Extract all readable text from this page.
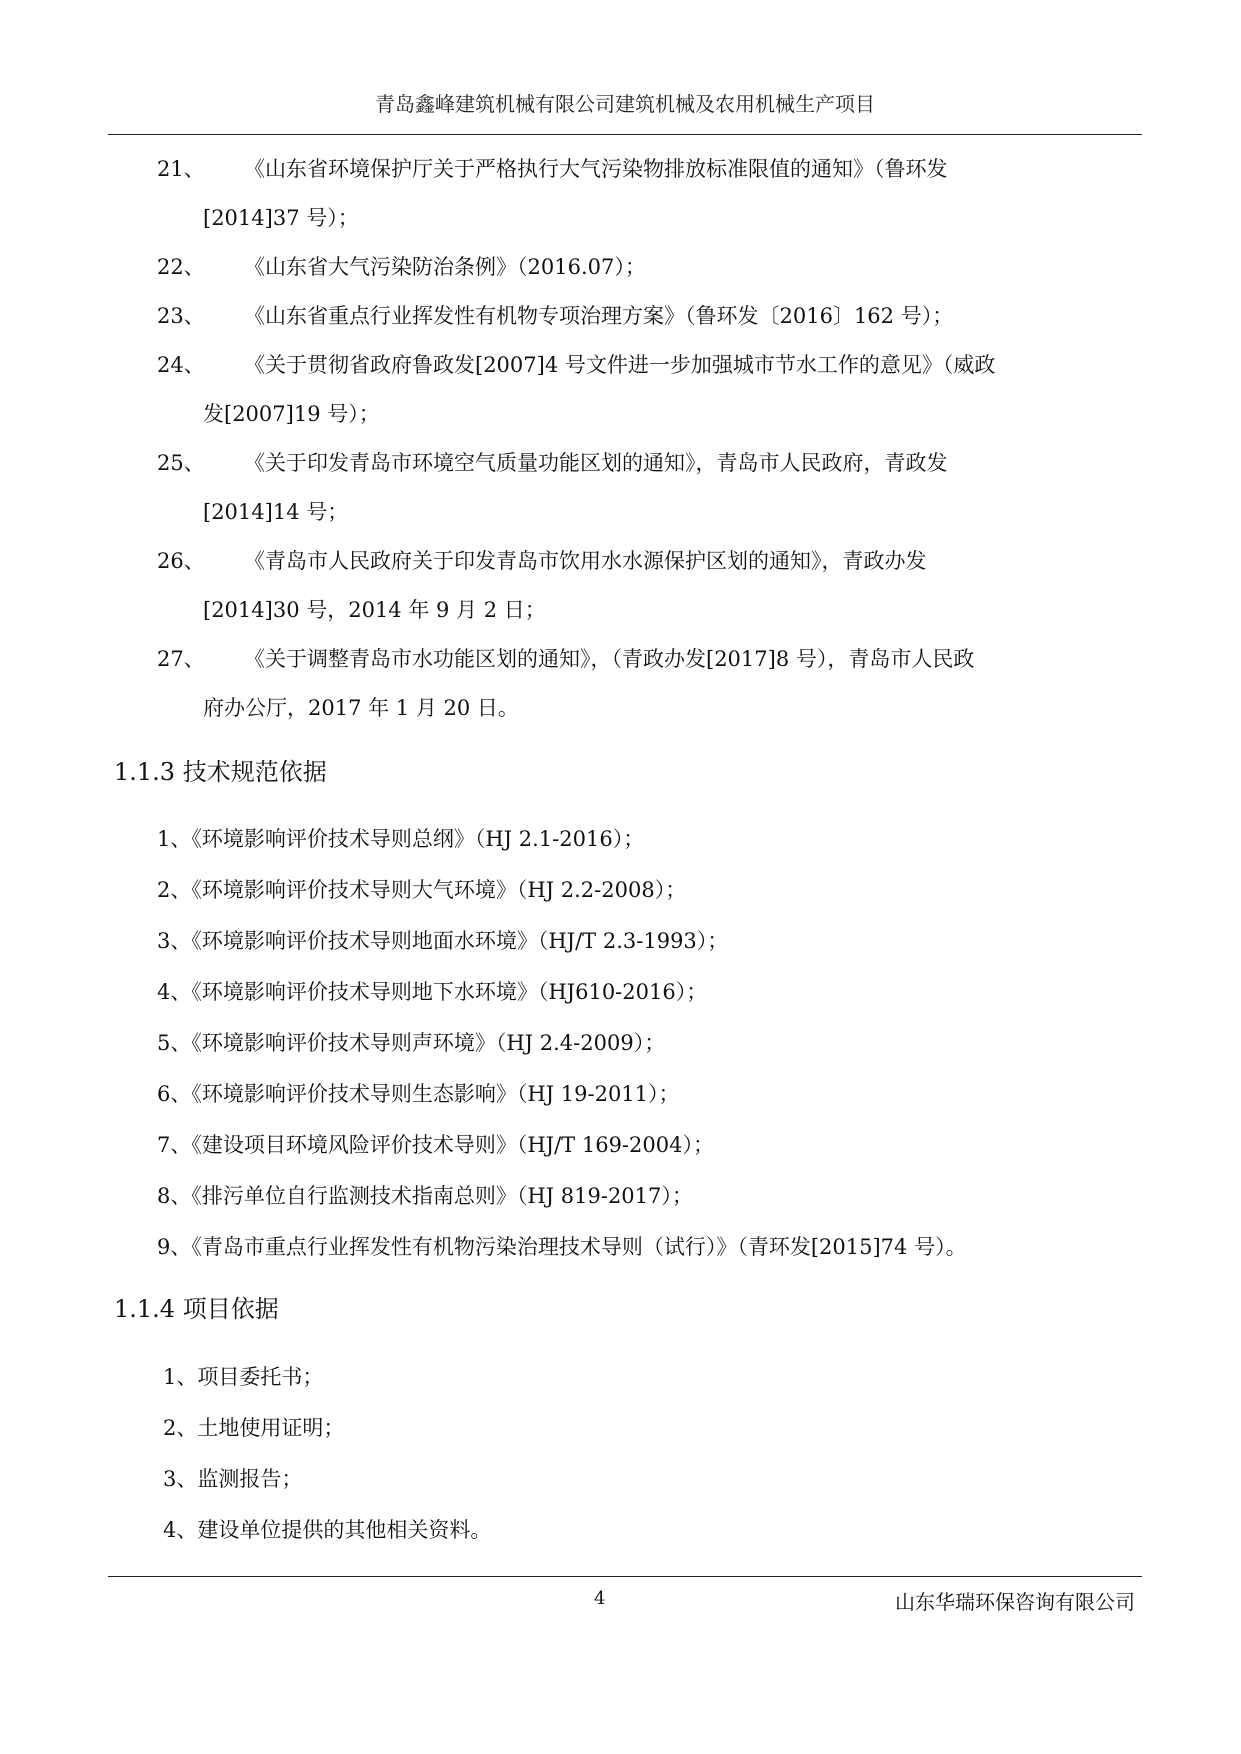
青岛鑫峰建筑机械有限公司建筑机械及农用机械生产项目
21、 《山东省环境保护厅关于严格执行大气污染物排放标准限值的通知》（鲁环发
[2014]37 号）；
22、 《山东省大气污染防治条例》（2016.07）；
23、 《山东省重点行业挥发性有机物专项治理方案》（鲁环发〔2016〕162 号）；
24、 《关于贯彻省政府鲁政发[2007]4 号文件进一步加强城市节水工作的意见》（威政
发[2007]19 号）；
25、 《关于印发青岛市环境空气质量功能区划的通知》，青岛市人民政府，青政发
[2014]14 号；
26、 《青岛市人民政府关于印发青岛市饮用水水源保护区划的通知》，青政办发
[2014]30 号，2014 年 9 月 2 日；
27、 《关于调整青岛市水功能区划的通知》，（青政办发[2017]8 号），青岛市人民政
府办公厅，2017 年 1 月 20 日。
1.1.3 技术规范依据
1、《环境影响评价技术导则总纲》（HJ 2.1-2016）；
2、《环境影响评价技术导则大气环境》（HJ 2.2-2008）；
3、《环境影响评价技术导则地面水环境》（HJ/T 2.3-1993）；
4、《环境影响评价技术导则地下水环境》（HJ610-2016）；
5、《环境影响评价技术导则声环境》（HJ 2.4-2009）；
6、《环境影响评价技术导则生态影响》（HJ 19-2011）；
7、《建设项目环境风险评价技术导则》（HJ/T 169-2004）；
8、《排污单位自行监测技术指南总则》（HJ 819-2017）；
9、《青岛市重点行业挥发性有机物污染治理技术导则（试行）》（青环发[2015]74 号）。
1.1.4 项目依据
1、项目委托书；
2、土地使用证明；
3、监测报告；
4、建设单位提供的其他相关资料。
4	山东华瑞环保咨询有限公司
